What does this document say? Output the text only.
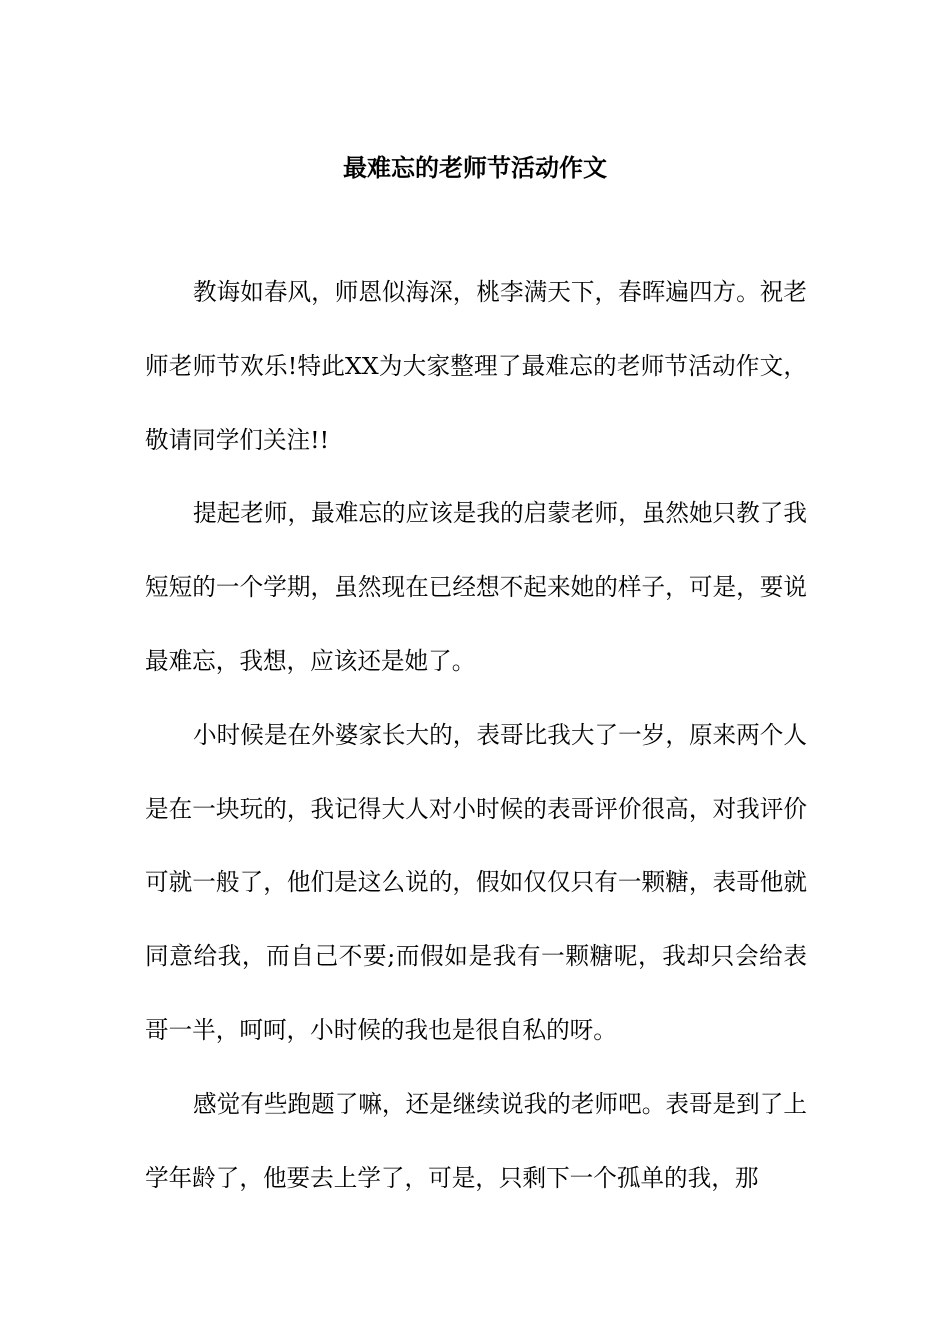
最难忘的老师节活动作文

教诲如春风，师恩似海深，桃李满天下，春晖遍四方。祝老师老师节欢乐!特此XX为大家整理了最难忘的老师节活动作文，敬请同学们关注!!

提起老师，最难忘的应该是我的启蒙老师，虽然她只教了我短短的一个学期，虽然现在已经想不起来她的样子，可是，要说最难忘，我想，应该还是她了。

小时候是在外婆家长大的，表哥比我大了一岁，原来两个人是在一块玩的，我记得大人对小时候的表哥评价很高，对我评价可就一般了，他们是这么说的，假如仅仅只有一颗糖，表哥他就同意给我，而自己不要;而假如是我有一颗糖呢，我却只会给表哥一半，呵呵，小时候的我也是很自私的呀。

感觉有些跑题了嘛，还是继续说我的老师吧。表哥是到了上学年龄了，他要去上学了，可是，只剩下一个孤单的我，那
